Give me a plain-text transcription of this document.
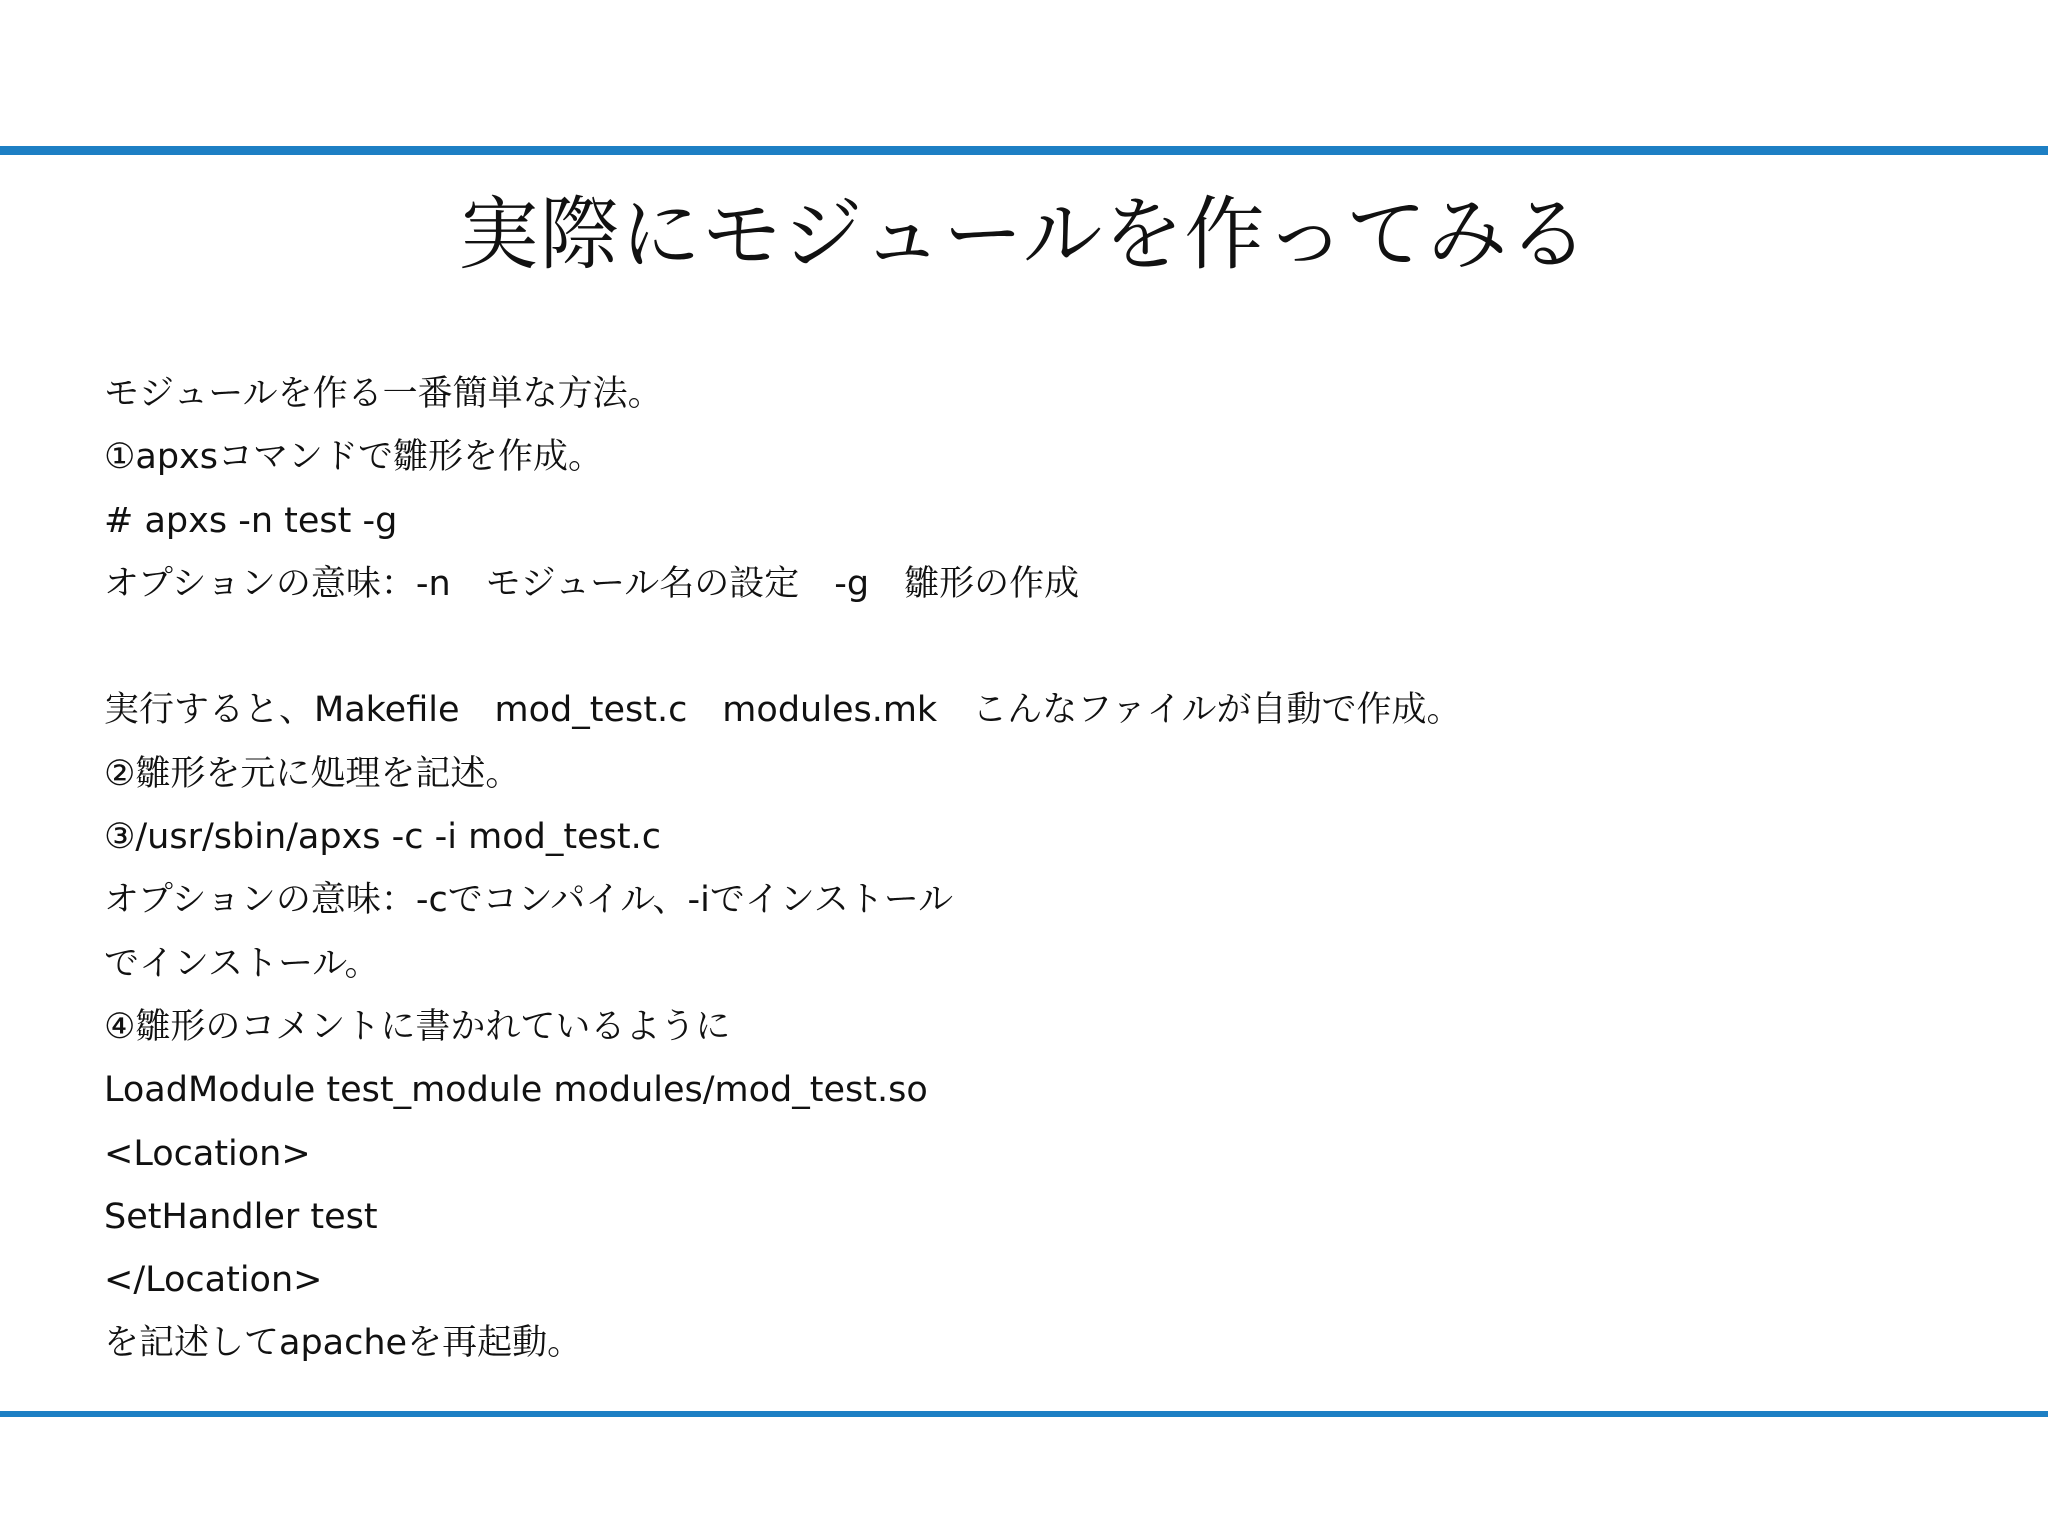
実際にモジュールを作ってみる
モジュールを作る一番簡単な方法。
①apxsコマンドで雛形を作成。
# apxs -n test -g
オプションの意味：-n　モジュール名の設定　-g　雛形の作成
実行すると、Makefile　mod_test.c　modules.mk　こんなファイルが自動で作成。
②雛形を元に処理を記述。
③/usr/sbin/apxs -c -i mod_test.c
オプションの意味：-cでコンパイル、-iでインストール
でインストール。
④雛形のコメントに書かれているように
LoadModule test_module modules/mod_test.so
<Location>
SetHandler test
</Location>
を記述してapacheを再起動。
